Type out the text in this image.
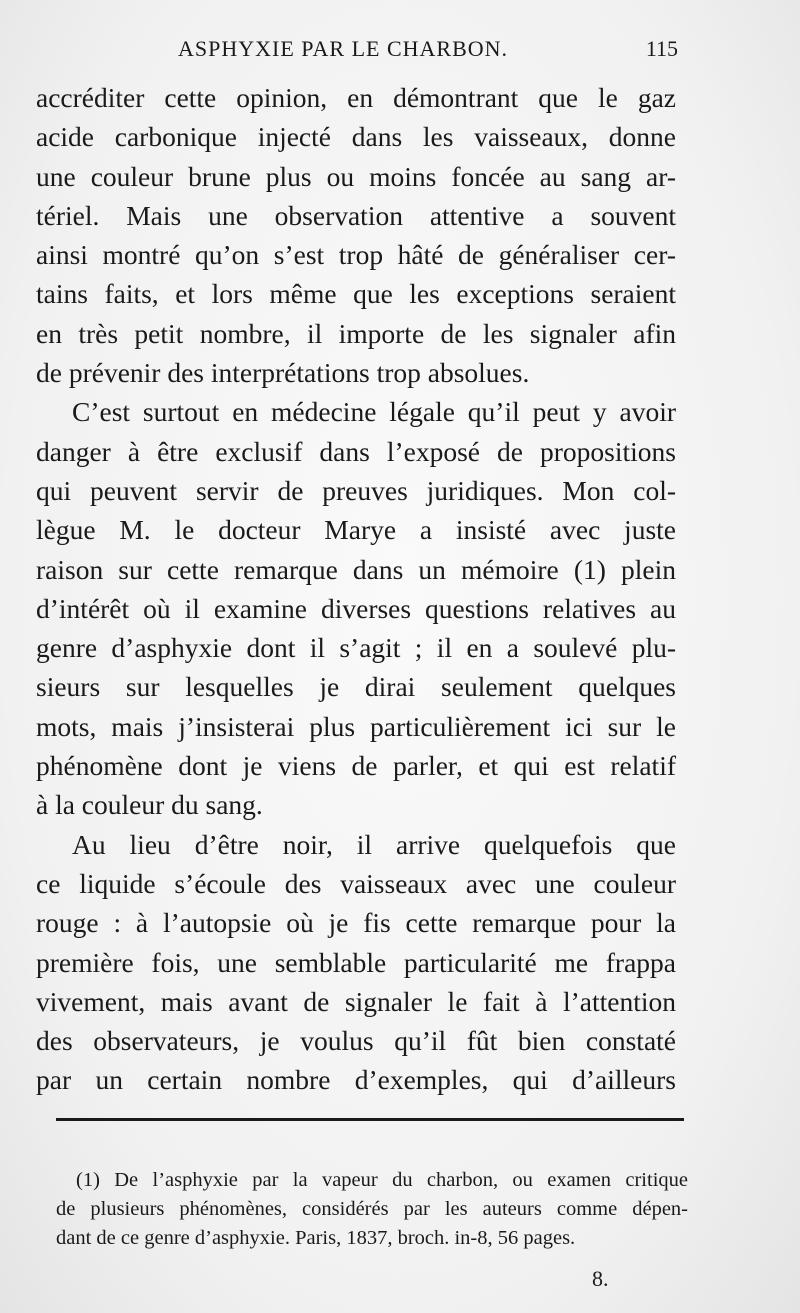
ASPHYXIE PAR LE CHARBON.	115
accréditer cette opinion, en démontrant que le gaz
acide carbonique injecté dans les vaisseaux, donne
une couleur brune plus ou moins foncée au sang ar-
tériel. Mais une observation attentive a souvent
ainsi montré qu’on s’est trop hâté de généraliser cer-
tains faits, et lors même que les exceptions seraient
en très petit nombre, il importe de les signaler afin
de prévenir des interprétations trop absolues.
C’est surtout en médecine légale qu’il peut y avoir
danger à être exclusif dans l’exposé de propositions
qui peuvent servir de preuves juridiques. Mon col-
lègue M. le docteur Marye a insisté avec juste
raison sur cette remarque dans un mémoire (1) plein
d’intérêt où il examine diverses questions relatives au
genre d’asphyxie dont il s’agit ; il en a soulevé plu-
sieurs sur lesquelles je dirai seulement quelques
mots, mais j’insisterai plus particulièrement ici sur le
phénomène dont je viens de parler, et qui est relatif
à la couleur du sang.
Au lieu d’être noir, il arrive quelquefois que
ce liquide s’écoule des vaisseaux avec une couleur
rouge : à l’autopsie où je fis cette remarque pour la
première fois, une semblable particularité me frappa
vivement, mais avant de signaler le fait à l’attention
des observateurs, je voulus qu’il fût bien constaté
par un certain nombre d’exemples, qui d’ailleurs
(1) De l’asphyxie par la vapeur du charbon, ou examen critique
de plusieurs phénomènes, considérés par les auteurs comme dépen-
dant de ce genre d’asphyxie. Paris, 1837, broch. in-8, 56 pages.
8.
